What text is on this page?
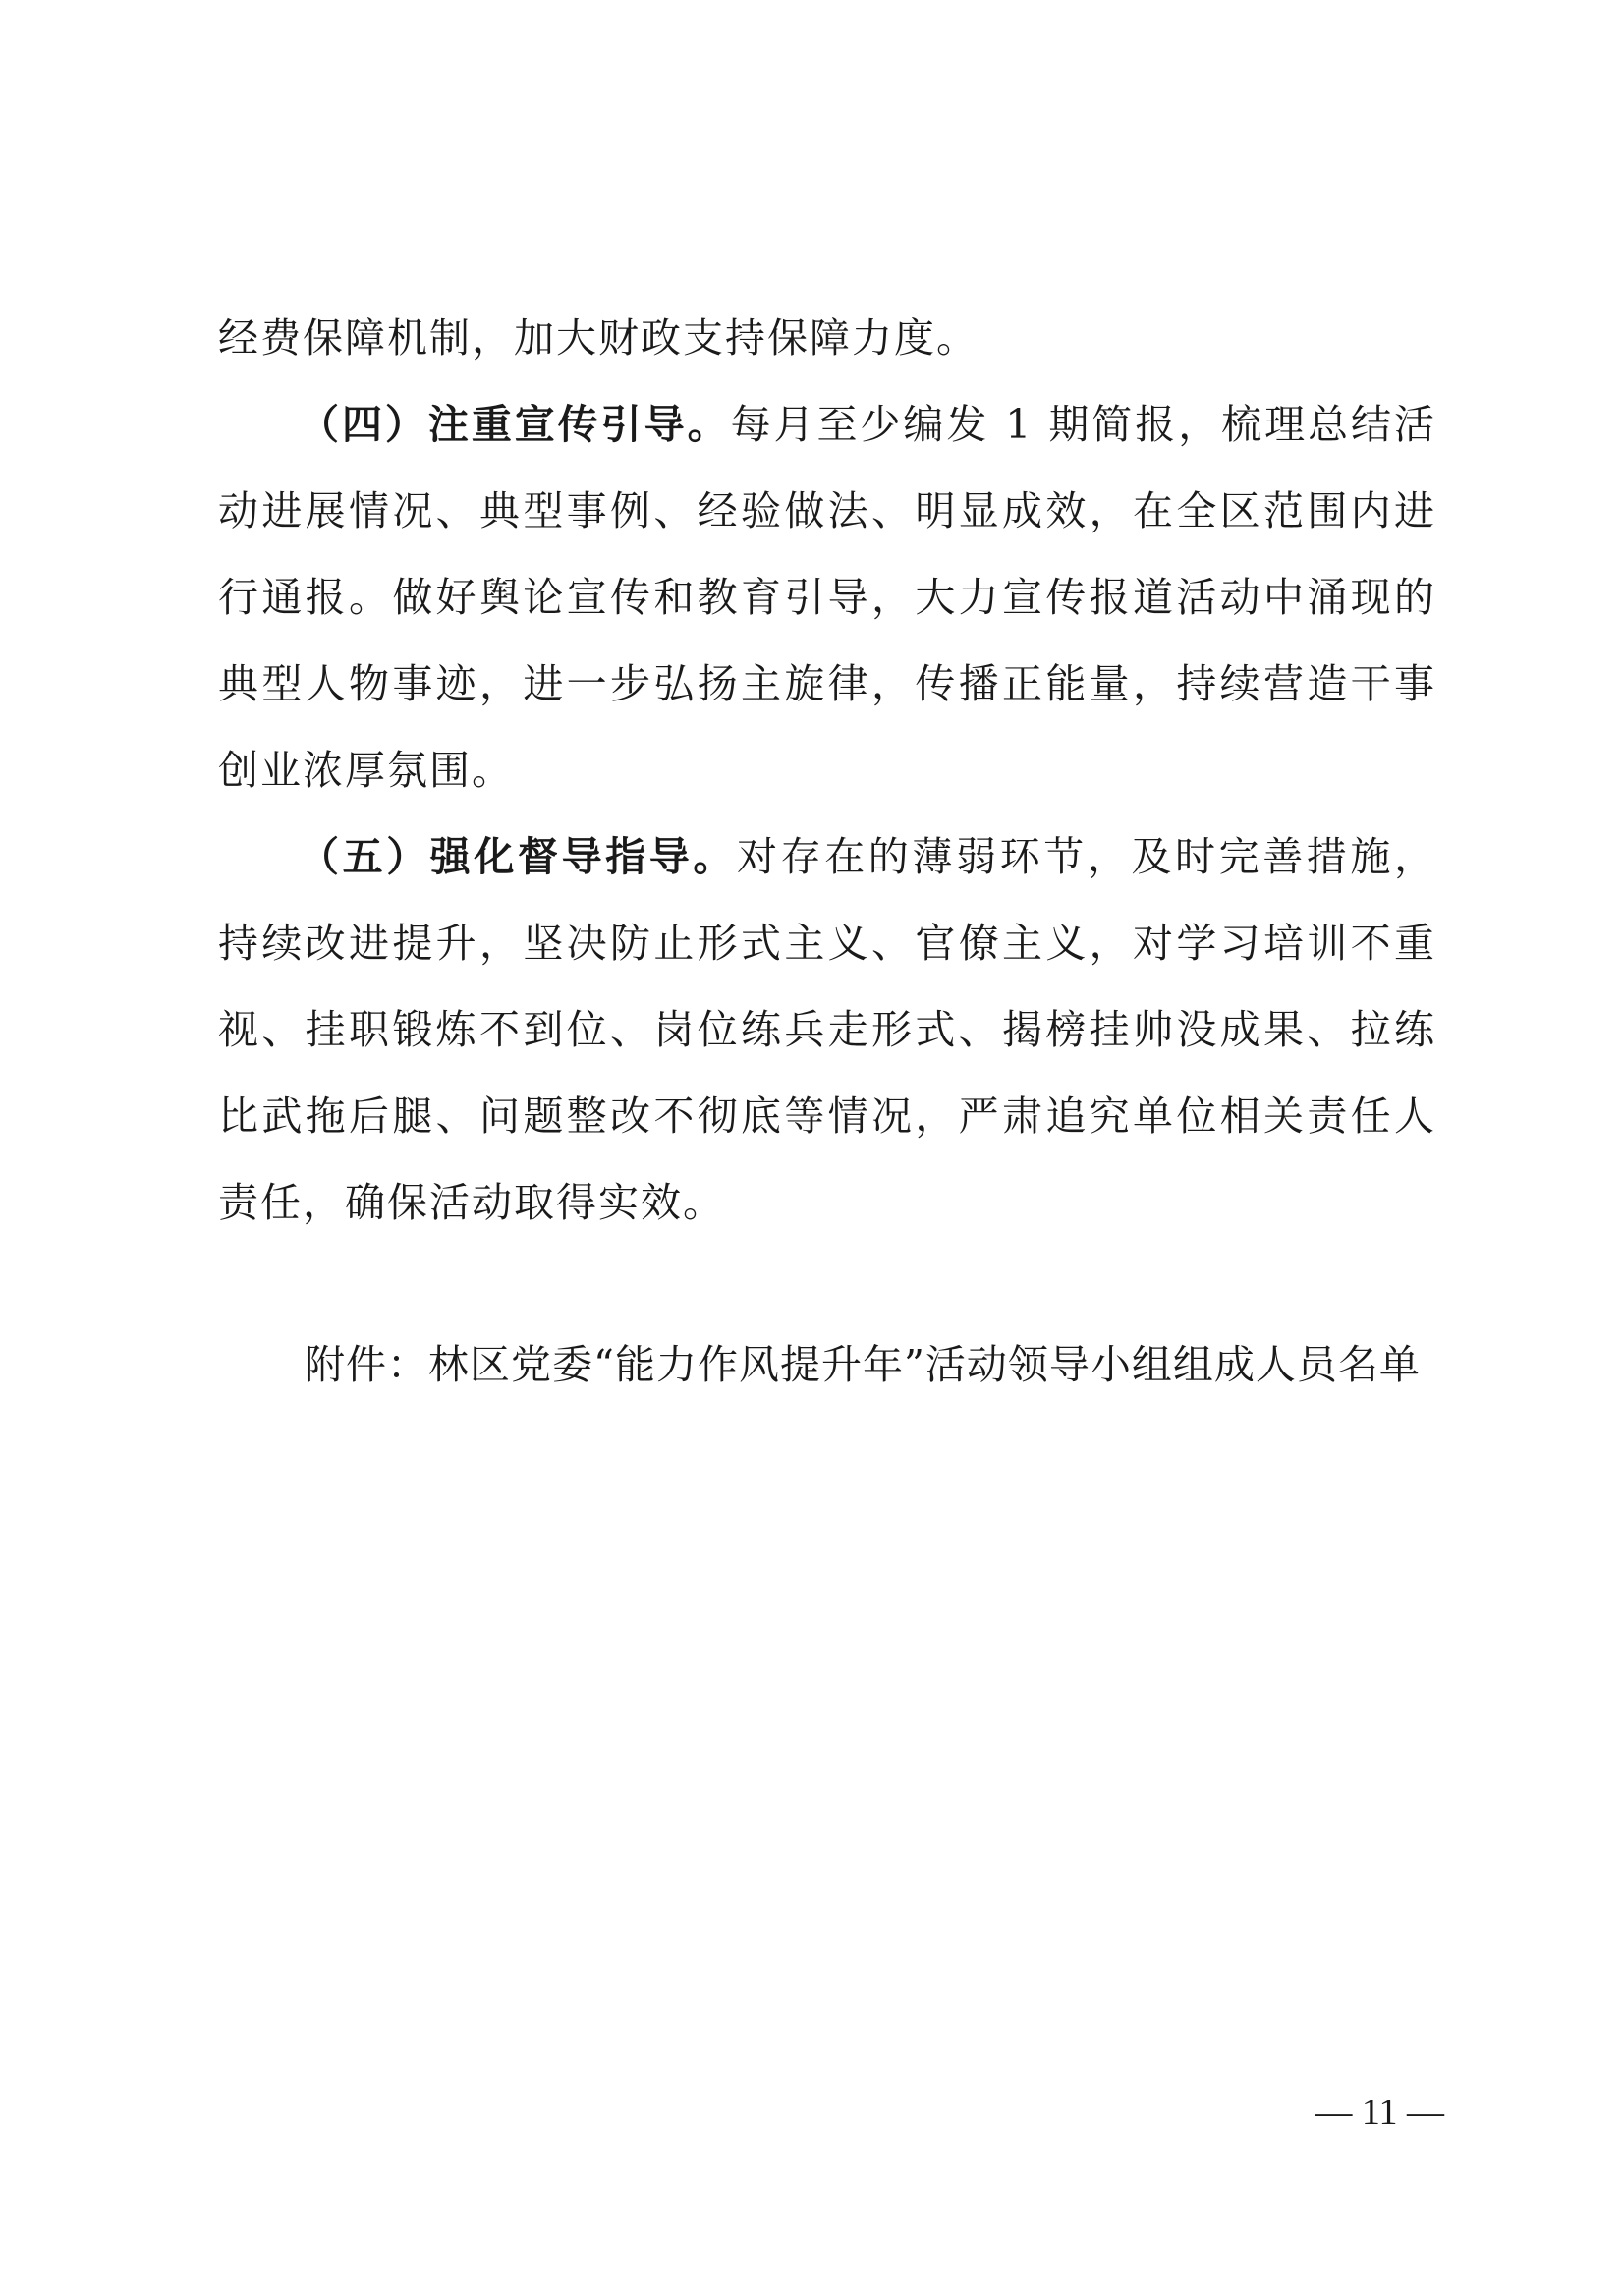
经费保障机制，加大财政支持保障力度。

（四）注重宣传引导。每月至少编发 1 期简报，梳理总结活动进展情况、典型事例、经验做法、明显成效，在全区范围内进行通报。做好舆论宣传和教育引导，大力宣传报道活动中涌现的典型人物事迹，进一步弘扬主旋律，传播正能量，持续营造干事创业浓厚氛围。

（五）强化督导指导。对存在的薄弱环节，及时完善措施，持续改进提升，坚决防止形式主义、官僚主义，对学习培训不重视、挂职锻炼不到位、岗位练兵走形式、揭榜挂帅没成果、拉练比武拖后腿、问题整改不彻底等情况，严肃追究单位相关责任人责任，确保活动取得实效。

附件：林区党委“能力作风提升年”活动领导小组组成人员名单
— 11 —
